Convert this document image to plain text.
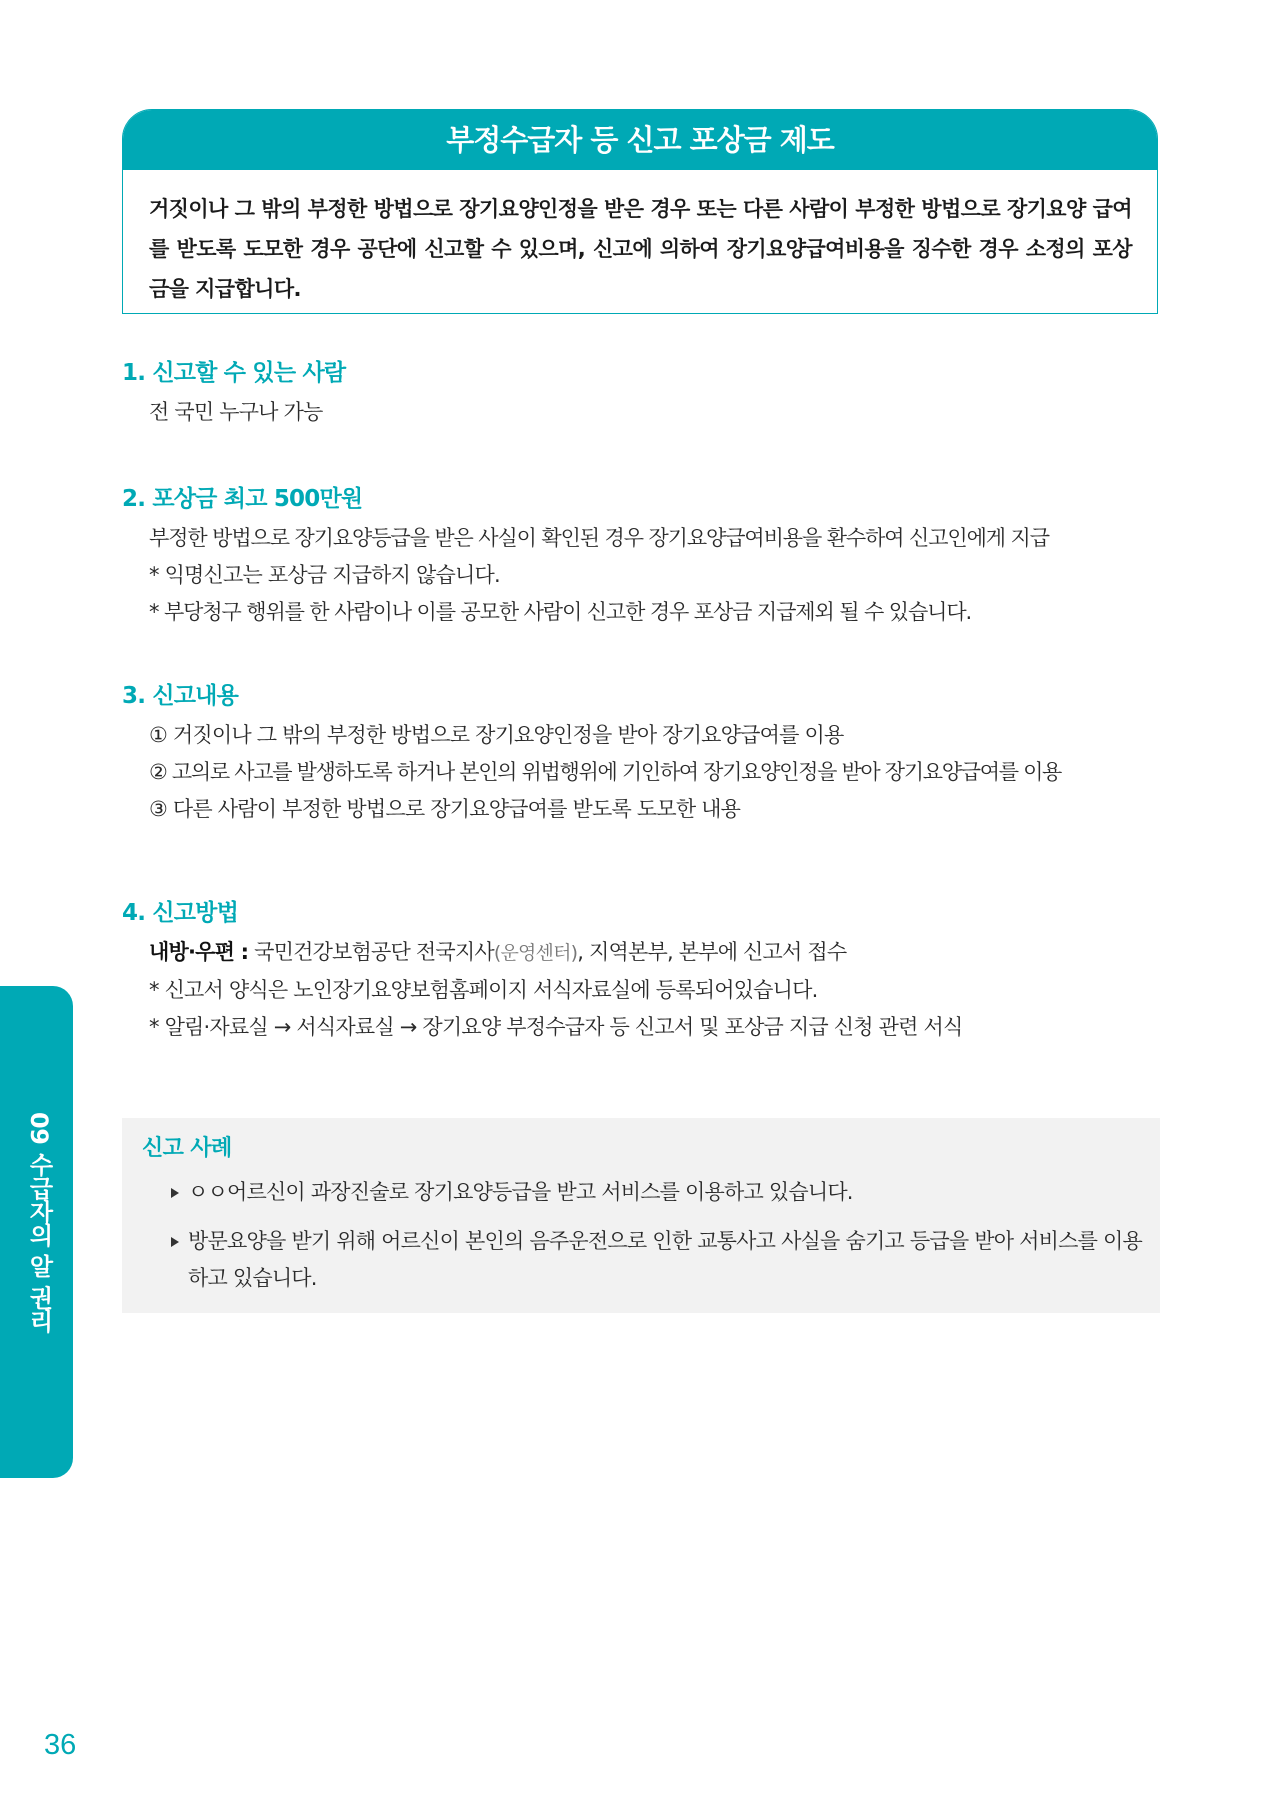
부정수급자 등 신고 포상금 제도
거짓이나 그 밖의 부정한 방법으로 장기요양인정을 받은 경우 또는 다른 사람이 부정한 방법으로 장기요양 급여를 받도록 도모한 경우 공단에 신고할 수 있으며, 신고에 의하여 장기요양급여비용을 징수한 경우 소정의 포상금을 지급합니다.
1. 신고할 수 있는 사람
전 국민 누구나 가능
2. 포상금 최고 500만원
부정한 방법으로 장기요양등급을 받은 사실이 확인된 경우 장기요양급여비용을 환수하여 신고인에게 지급
* 익명신고는 포상금 지급하지 않습니다.
* 부당청구 행위를 한 사람이나 이를 공모한 사람이 신고한 경우 포상금 지급제외 될 수 있습니다.
3. 신고내용
① 거짓이나 그 밖의 부정한 방법으로 장기요양인정을 받아 장기요양급여를 이용
② 고의로 사고를 발생하도록 하거나 본인의 위법행위에 기인하여 장기요양인정을 받아 장기요양급여를 이용
③ 다른 사람이 부정한 방법으로 장기요양급여를 받도록 도모한 내용
4. 신고방법
내방·우편 : 국민건강보험공단 전국지사(운영센터), 지역본부, 본부에 신고서 접수
* 신고서 양식은 노인장기요양보험홈페이지 서식자료실에 등록되어있습니다.
* 알림·자료실 → 서식자료실 → 장기요양 부정수급자 등 신고서 및 포상금 지급 신청 관련 서식
신고 사례
ㅇㅇ어르신이 과장진술로 장기요양등급을 받고 서비스를 이용하고 있습니다.
방문요양을 받기 위해 어르신이 본인의 음주운전으로 인한 교통사고 사실을 숨기고 등급을 받아 서비스를 이용하고 있습니다.
09 수급자의 알 권리
36
